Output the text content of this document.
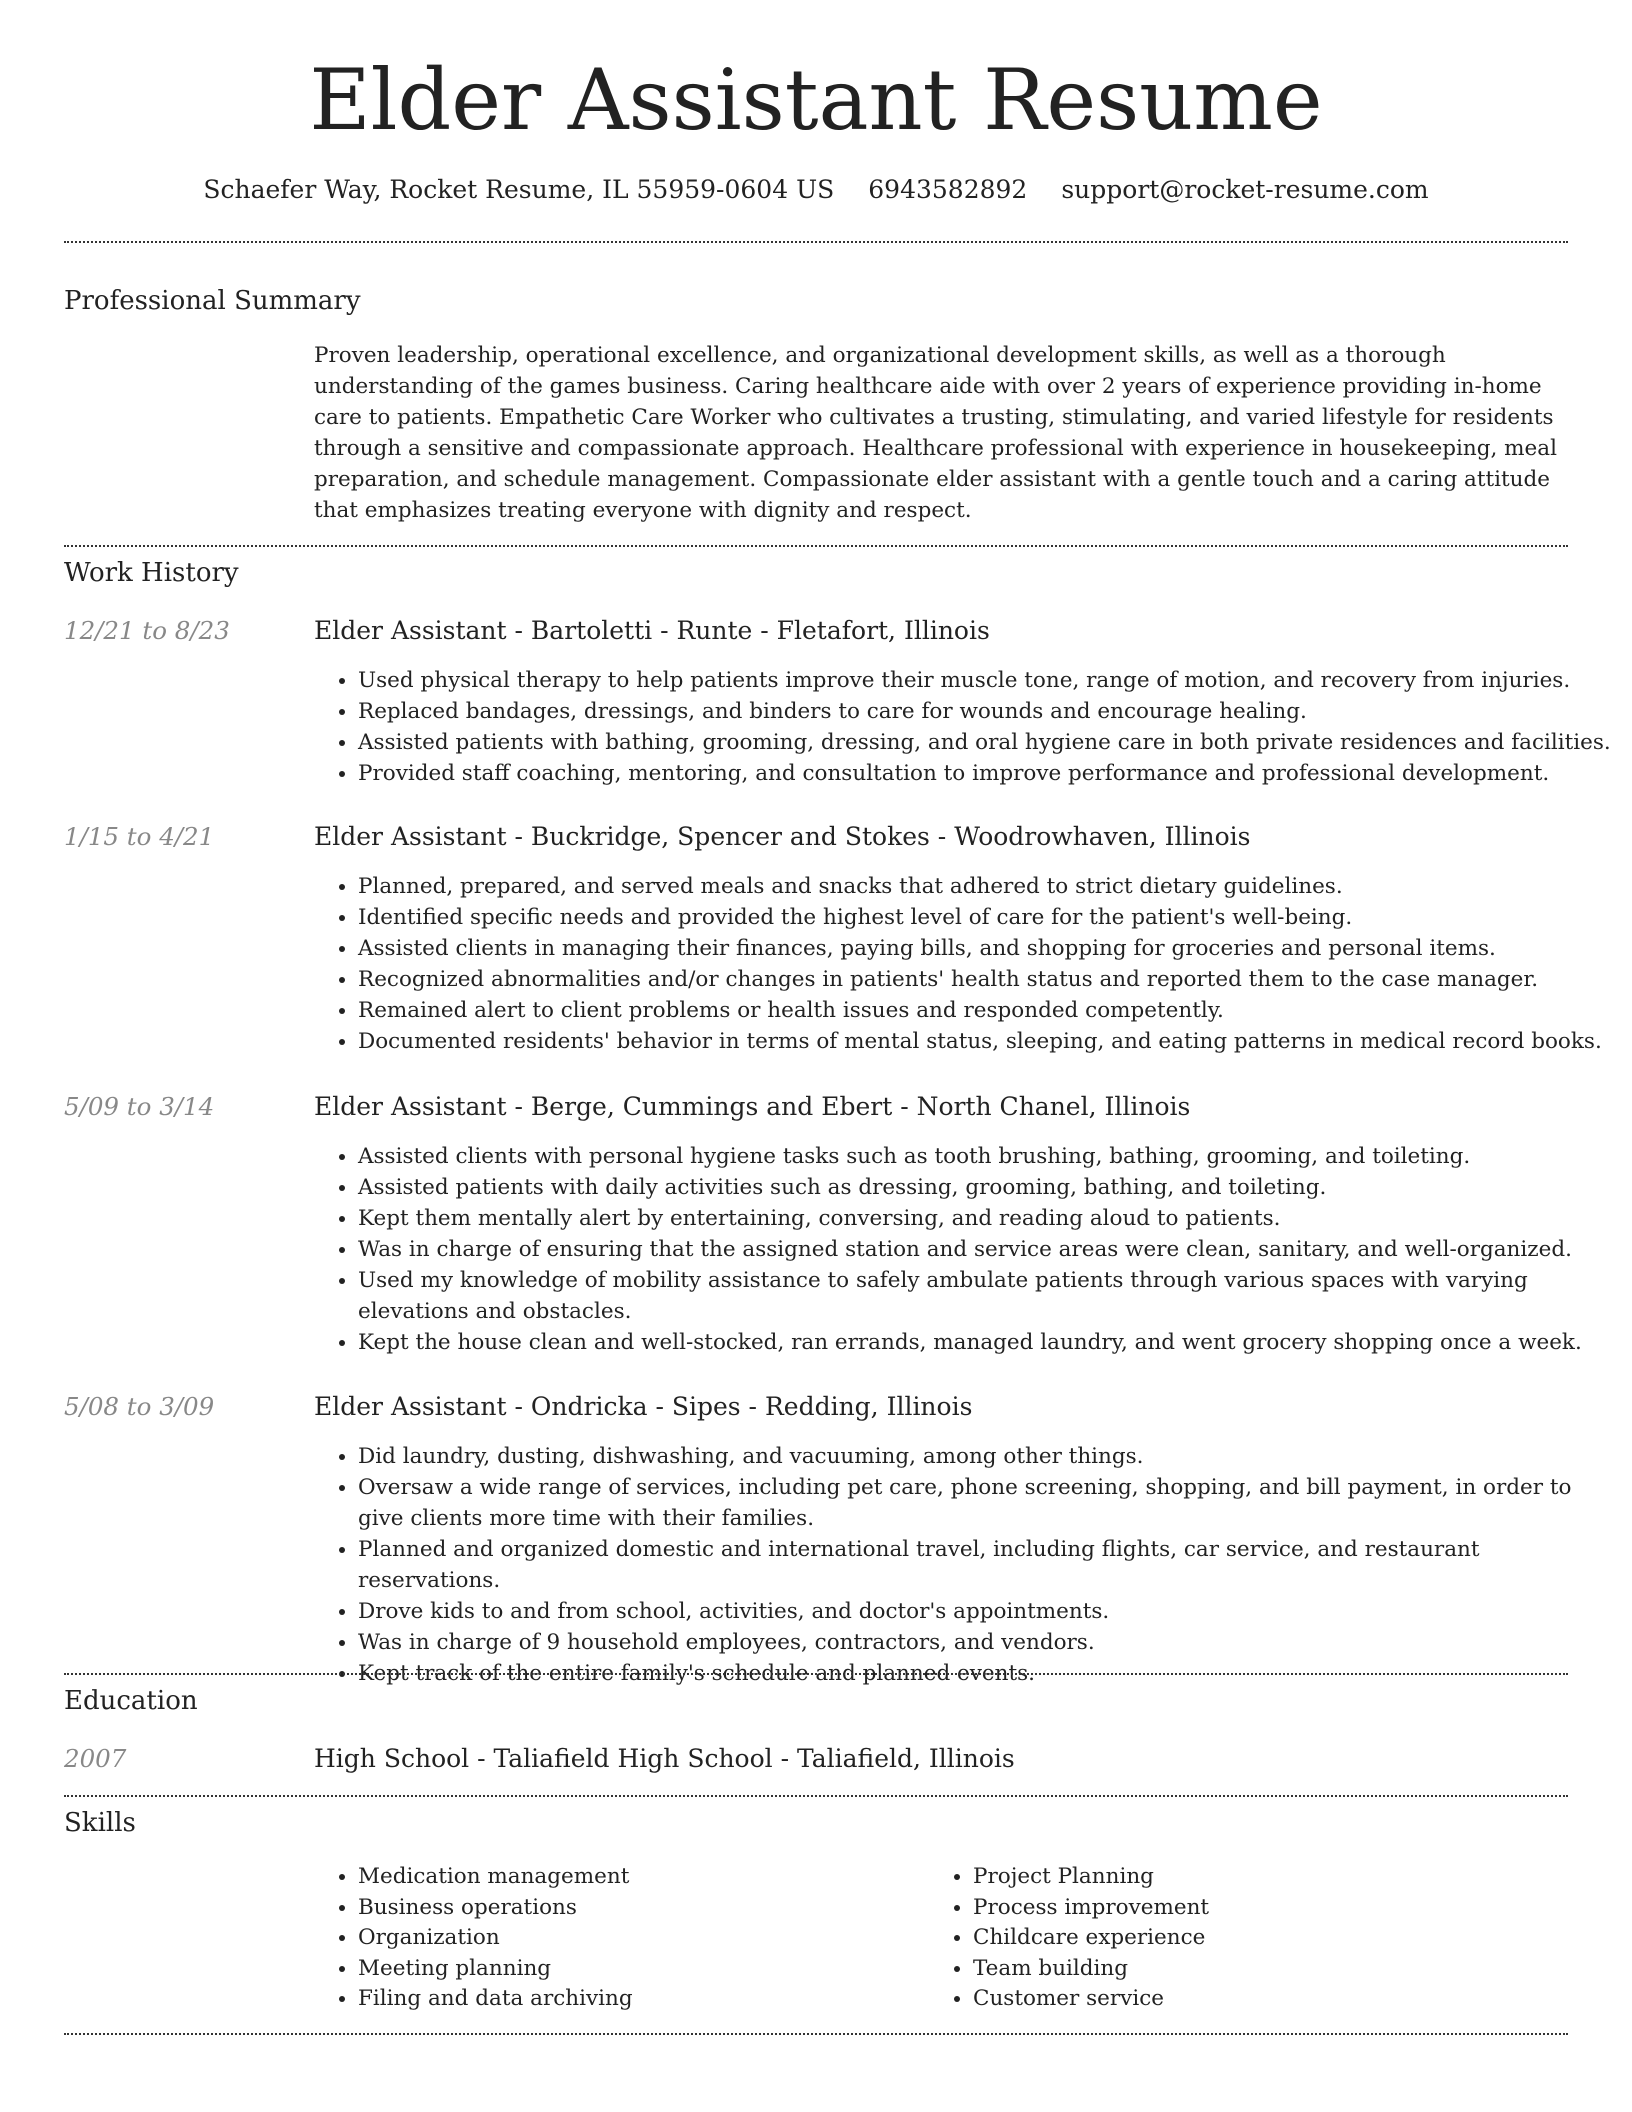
Elder Assistant Resume
Schaefer Way, Rocket Resume, IL 55959-0604 US 6943582892 support@rocket-resume.com
Professional Summary

Proven leadership, operational excellence, and organizational development skills, as well as a thorough understanding of the games business. Caring healthcare aide with over 2 years of experience providing in-home care to patients. Empathetic Care Worker who cultivates a trusting, stimulating, and varied lifestyle for residents through a sensitive and compassionate approach. Healthcare professional with experience in housekeeping, meal preparation, and schedule management. Compassionate elder assistant with a gentle touch and a caring attitude that emphasizes treating everyone with dignity and respect.

Work History
12/21 to 8/23	Elder Assistant - Bartoletti - Runte - Fletafort, Illinois
• Used physical therapy to help patients improve their muscle tone, range of motion, and recovery from injuries.
• Replaced bandages, dressings, and binders to care for wounds and encourage healing.
• Assisted patients with bathing, grooming, dressing, and oral hygiene care in both private residences and facilities.
• Provided staff coaching, mentoring, and consultation to improve performance and professional development.
1/15 to 4/21	Elder Assistant - Buckridge, Spencer and Stokes - Woodrowhaven, Illinois
• Planned, prepared, and served meals and snacks that adhered to strict dietary guidelines.
• Identified specific needs and provided the highest level of care for the patient's well-being.
• Assisted clients in managing their finances, paying bills, and shopping for groceries and personal items.
• Recognized abnormalities and/or changes in patients' health status and reported them to the case manager.
• Remained alert to client problems or health issues and responded competently.
• Documented residents' behavior in terms of mental status, sleeping, and eating patterns in medical record books.
5/09 to 3/14	Elder Assistant - Berge, Cummings and Ebert - North Chanel, Illinois
• Assisted clients with personal hygiene tasks such as tooth brushing, bathing, grooming, and toileting.
• Assisted patients with daily activities such as dressing, grooming, bathing, and toileting.
• Kept them mentally alert by entertaining, conversing, and reading aloud to patients.
• Was in charge of ensuring that the assigned station and service areas were clean, sanitary, and well-organized.
• Used my knowledge of mobility assistance to safely ambulate patients through various spaces with varying elevations and obstacles.
• Kept the house clean and well-stocked, ran errands, managed laundry, and went grocery shopping once a week.
5/08 to 3/09	Elder Assistant - Ondricka - Sipes - Redding, Illinois
• Did laundry, dusting, dishwashing, and vacuuming, among other things.
• Oversaw a wide range of services, including pet care, phone screening, shopping, and bill payment, in order to give clients more time with their families.
• Planned and organized domestic and international travel, including flights, car service, and restaurant reservations.
• Drove kids to and from school, activities, and doctor's appointments.
• Was in charge of 9 household employees, contractors, and vendors.
• Kept track of the entire family's schedule and planned events.
Education
2007	High School - Taliafield High School - Taliafield, Illinois
Skills
• Medication management
• Business operations
• Organization
• Meeting planning
• Filing and data archiving
• Project Planning
• Process improvement
• Childcare experience
• Team building
• Customer service
